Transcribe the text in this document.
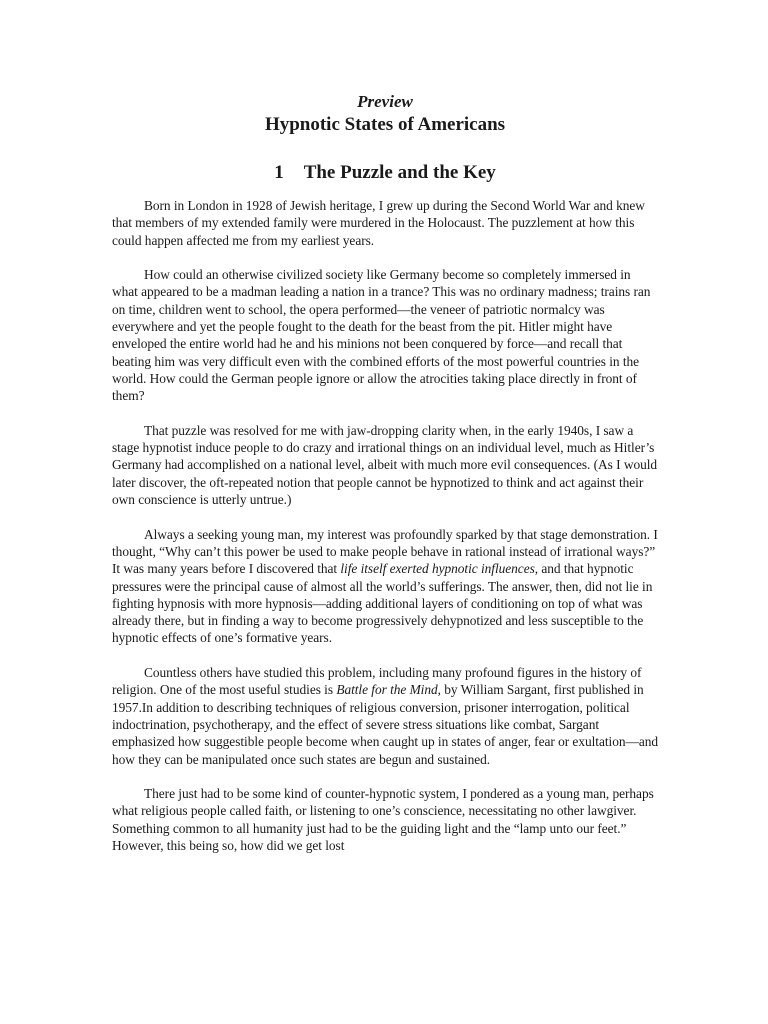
Preview

Hypnotic States of Americans

1 The Puzzle and the Key

Born in London in 1928 of Jewish heritage, I grew up during the Second World War and knew that members of my extended family were murdered in the Holocaust. The puzzlement at how this could happen affected me from my earliest years.

How could an otherwise civilized society like Germany become so completely immersed in what appeared to be a madman leading a nation in a trance? This was no ordinary madness; trains ran on time, children went to school, the opera performed—the veneer of patriotic normalcy was everywhere and yet the people fought to the death for the beast from the pit. Hitler might have enveloped the entire world had he and his minions not been conquered by force—and recall that beating him was very difficult even with the combined efforts of the most powerful countries in the world. How could the German people ignore or allow the atrocities taking place directly in front of them?

That puzzle was resolved for me with jaw-dropping clarity when, in the early 1940s, I saw a stage hypnotist induce people to do crazy and irrational things on an individual level, much as Hitler’s Germany had accomplished on a national level, albeit with much more evil consequences. (As I would later discover, the oft-repeated notion that people cannot be hypnotized to think and act against their own conscience is utterly untrue.)

Always a seeking young man, my interest was profoundly sparked by that stage demonstration. I thought, “Why can’t this power be used to make people behave in rational instead of irrational ways?” It was many years before I discovered that life itself exerted hypnotic influences, and that hypnotic pressures were the principal cause of almost all the world’s sufferings. The answer, then, did not lie in fighting hypnosis with more hypnosis—adding additional layers of conditioning on top of what was already there, but in finding a way to become progressively dehypnotized and less susceptible to the hypnotic effects of one’s formative years.

Countless others have studied this problem, including many profound figures in the history of religion. One of the most useful studies is Battle for the Mind, by William Sargant, first published in 1957.In addition to describing techniques of religious conversion, prisoner interrogation, political indoctrination, psychotherapy, and the effect of severe stress situations like combat, Sargant emphasized how suggestible people become when caught up in states of anger, fear or exultation—and how they can be manipulated once such states are begun and sustained.

There just had to be some kind of counter-hypnotic system, I pondered as a young man, perhaps what religious people called faith, or listening to one’s conscience, necessitating no other lawgiver. Something common to all humanity just had to be the guiding light and the “lamp unto our feet.” However, this being so, how did we get lost
